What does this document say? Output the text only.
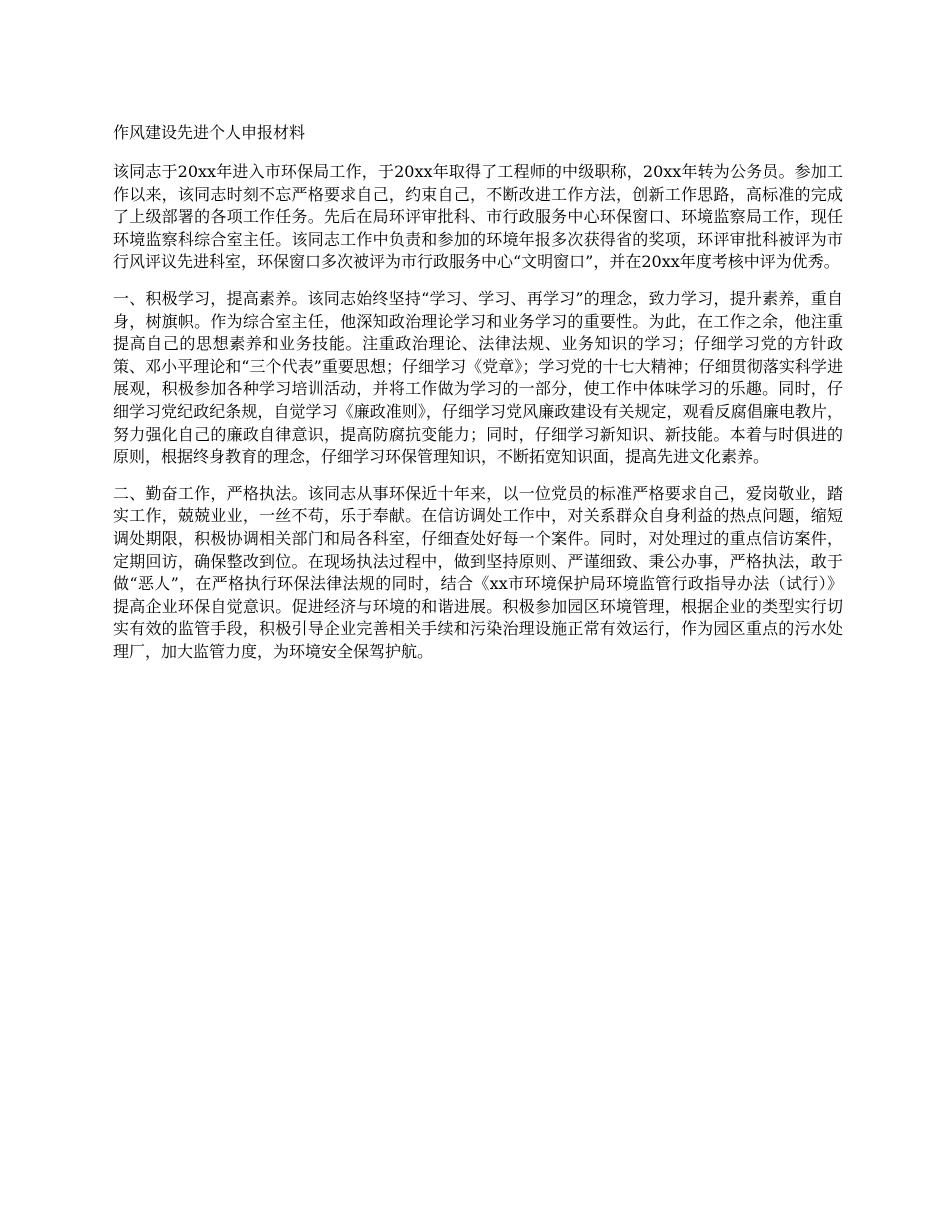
作风建设先进个人申报材料

该同志于20xx年进入市环保局工作，于20xx年取得了工程师的中级职称，20xx年转为公务员。参加工作以来，该同志时刻不忘严格要求自己，约束自己，不断改进工作方法，创新工作思路，高标准的完成了上级部署的各项工作任务。先后在局环评审批科、市行政服务中心环保窗口、环境监察局工作，现任环境监察科综合室主任。该同志工作中负责和参加的环境年报多次获得省的奖项，环评审批科被评为市行风评议先进科室，环保窗口多次被评为市行政服务中心“文明窗口”，并在20xx年度考核中评为优秀。

一、积极学习，提高素养。该同志始终坚持“学习、学习、再学习”的理念，致力学习，提升素养，重自身，树旗帜。作为综合室主任，他深知政治理论学习和业务学习的重要性。为此，在工作之余，他注重提高自己的思想素养和业务技能。注重政治理论、法律法规、业务知识的学习；仔细学习党的方针政策、邓小平理论和“三个代表”重要思想；仔细学习《党章》；学习党的十七大精神；仔细贯彻落实科学进展观，积极参加各种学习培训活动，并将工作做为学习的一部分，使工作中体味学习的乐趣。同时，仔细学习党纪政纪条规，自觉学习《廉政准则》，仔细学习党风廉政建设有关规定，观看反腐倡廉电教片，努力强化自己的廉政自律意识，提高防腐抗变能力；同时，仔细学习新知识、新技能。本着与时俱进的原则，根据终身教育的理念，仔细学习环保管理知识，不断拓宽知识面，提高先进文化素养。

二、勤奋工作，严格执法。该同志从事环保近十年来，以一位党员的标准严格要求自己，爱岗敬业，踏实工作，兢兢业业，一丝不苟，乐于奉献。在信访调处工作中，对关系群众自身利益的热点问题，缩短调处期限，积极协调相关部门和局各科室，仔细查处好每一个案件。同时，对处理过的重点信访案件，定期回访，确保整改到位。在现场执法过程中，做到坚持原则、严谨细致、秉公办事，严格执法，敢于做“恶人”，在严格执行环保法律法规的同时，结合《xx市环境保护局环境监管行政指导办法（试行）》提高企业环保自觉意识。促进经济与环境的和谐进展。积极参加园区环境管理，根据企业的类型实行切实有效的监管手段，积极引导企业完善相关手续和污染治理设施正常有效运行，作为园区重点的污水处理厂，加大监管力度，为环境安全保驾护航。
